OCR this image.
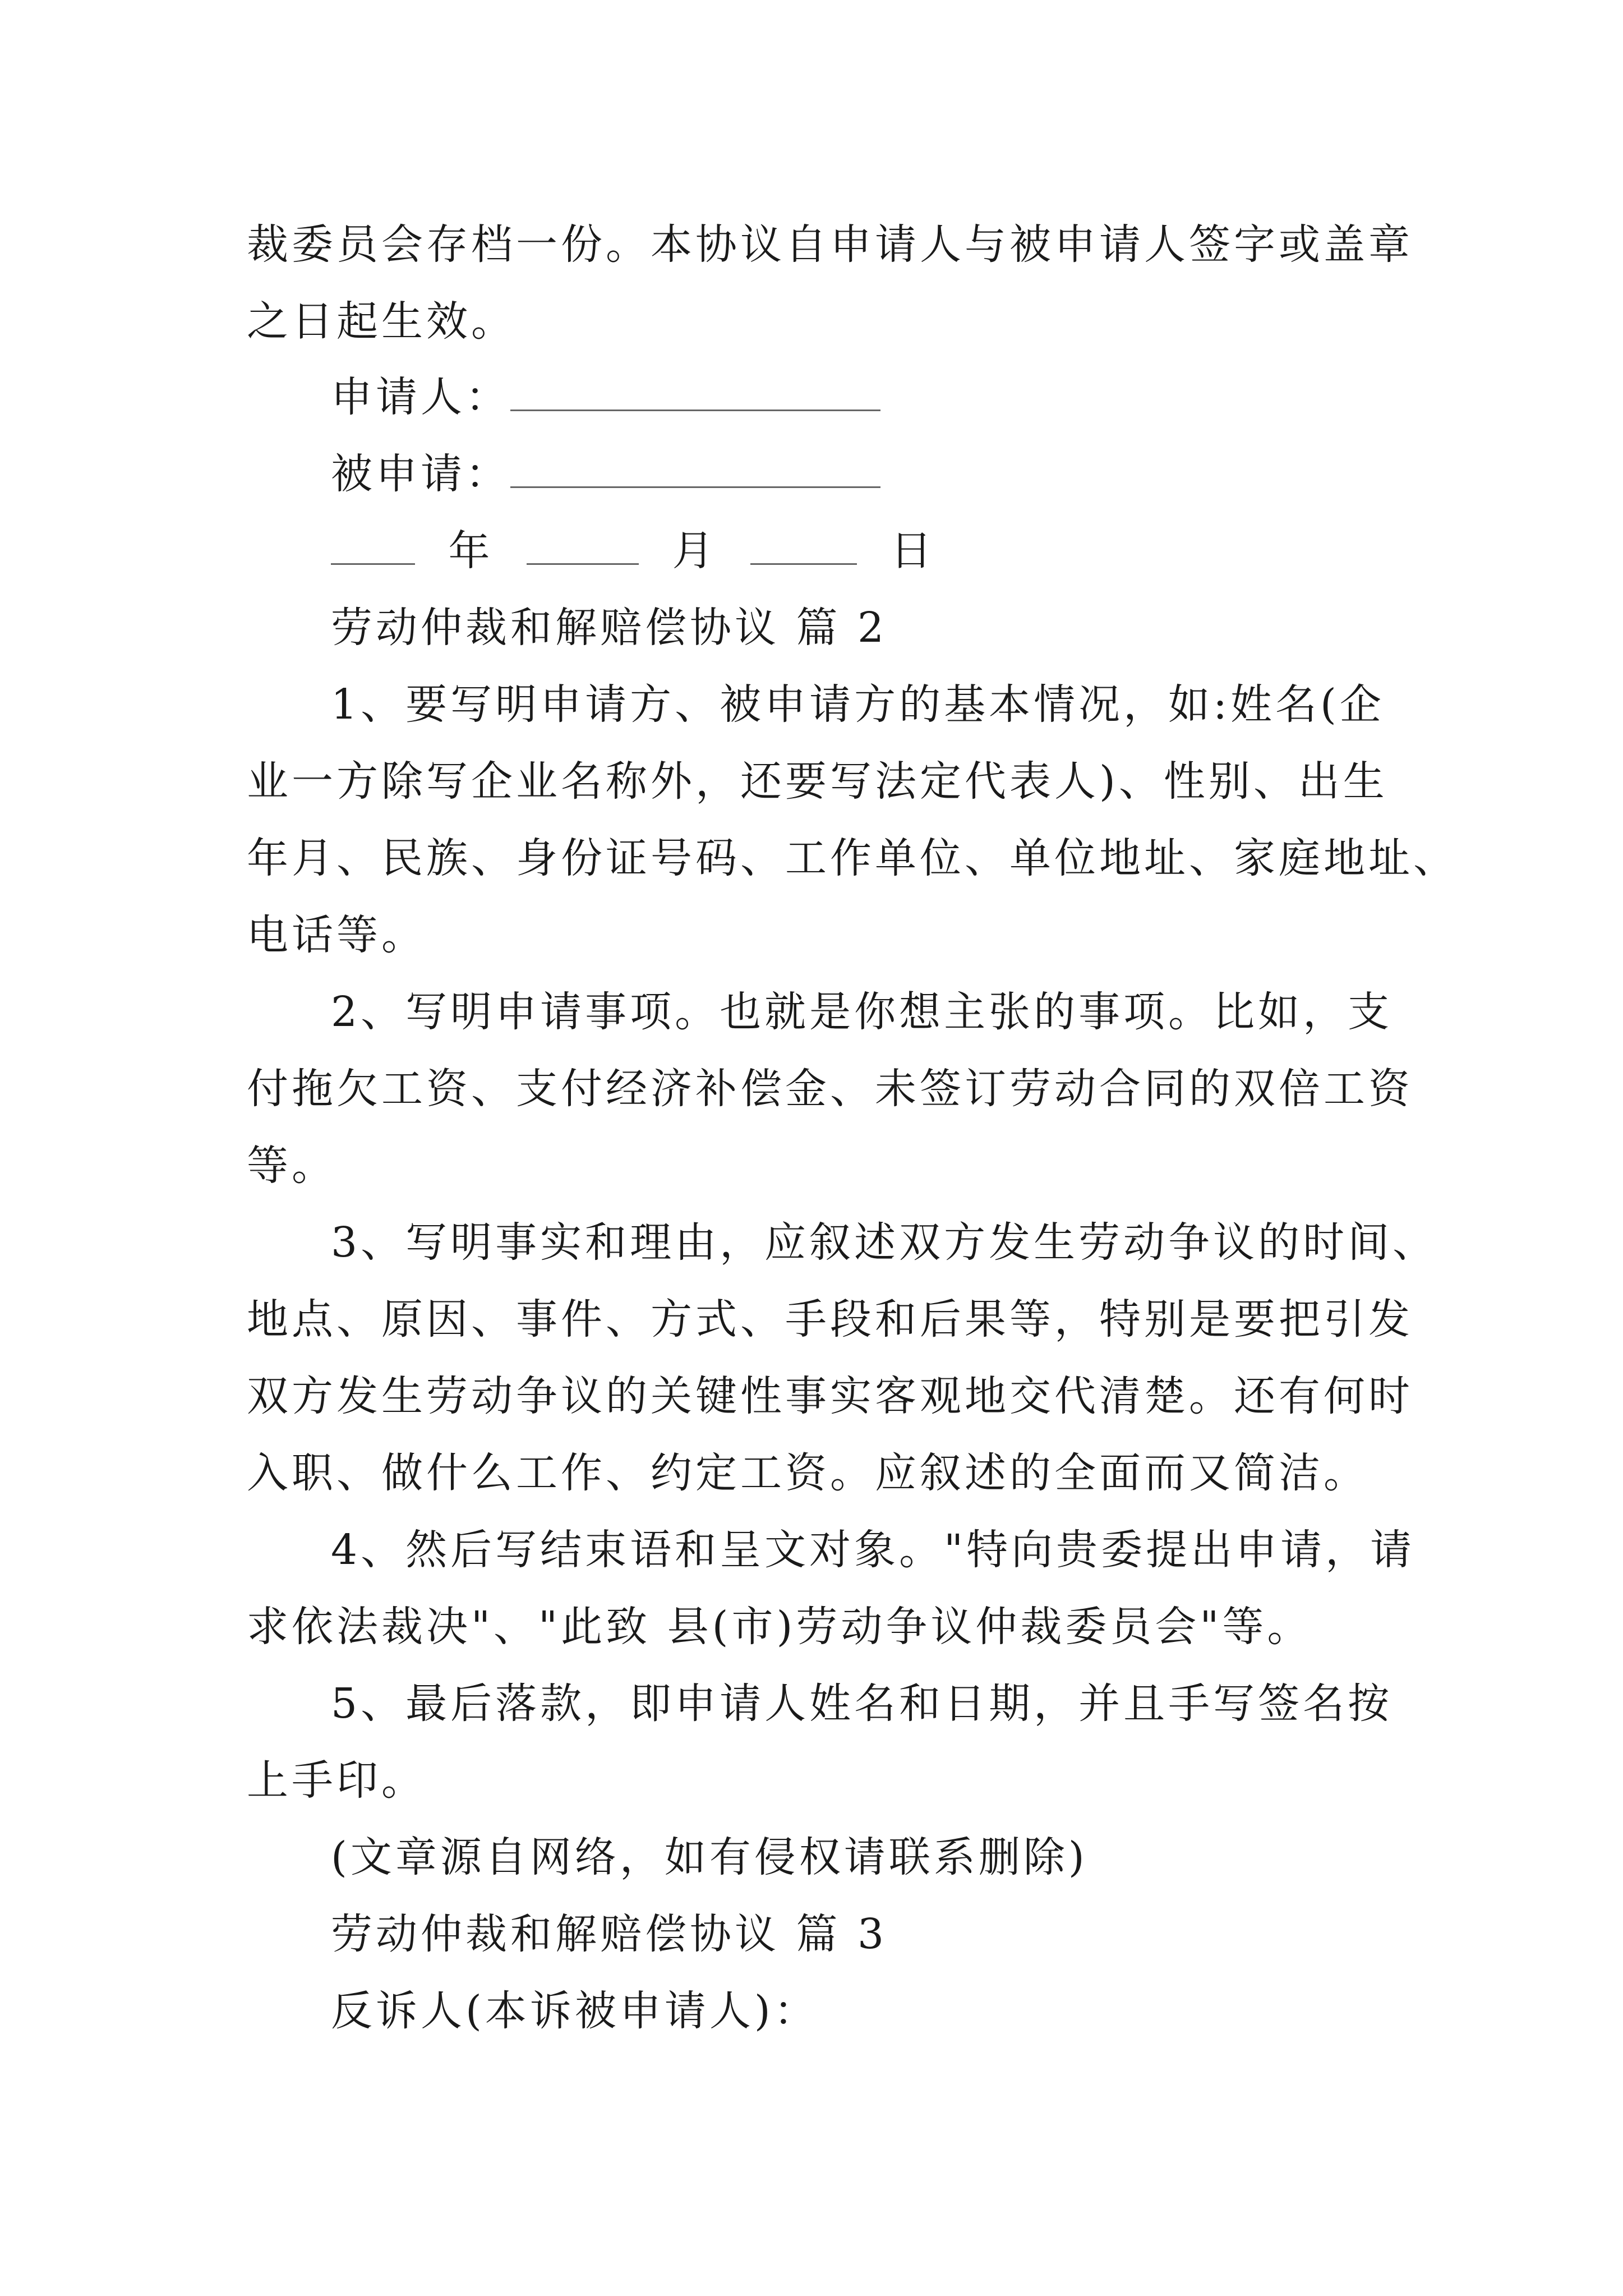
裁委员会存档一份。本协议自申请人与被申请人签字或盖章
之日起生效。
申请人：
被申请：
年	月	日
劳动仲裁和解赔偿协议 篇 2
1、要写明申请方、被申请方的基本情况，如:姓名(企
业一方除写企业名称外，还要写法定代表人)、性别、出生
年月、民族、身份证号码、工作单位、单位地址、家庭地址、
电话等。
2、写明申请事项。也就是你想主张的事项。比如，支
付拖欠工资、支付经济补偿金、未签订劳动合同的双倍工资
等。
3、写明事实和理由，应叙述双方发生劳动争议的时间、
地点、原因、事件、方式、手段和后果等，特别是要把引发
双方发生劳动争议的关键性事实客观地交代清楚。还有何时
入职、做什么工作、约定工资。应叙述的全面而又简洁。
4、然后写结束语和呈文对象。"特向贵委提出申请，请
求依法裁决"、"此致 县(市)劳动争议仲裁委员会"等。
5、最后落款，即申请人姓名和日期，并且手写签名按
上手印。
(文章源自网络，如有侵权请联系删除)
劳动仲裁和解赔偿协议 篇 3
反诉人(本诉被申请人)：
